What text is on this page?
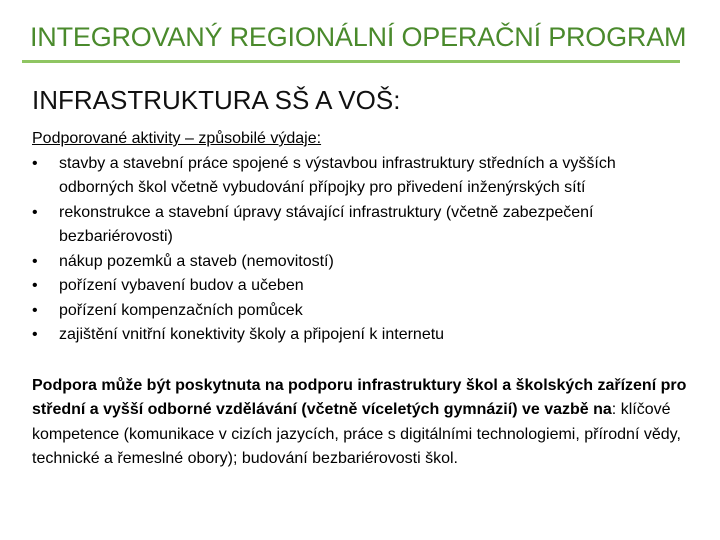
INTEGROVANÝ REGIONÁLNÍ OPERAČNÍ PROGRAM
INFRASTRUKTURA SŠ A VOŠ:
Podporované aktivity – způsobilé výdaje:
• stavby a stavební práce spojené s výstavbou infrastruktury středních a vyšších odborných škol včetně vybudování přípojky pro přivedení inženýrských sítí
• rekonstrukce a stavební úpravy stávající infrastruktury (včetně zabezpečení bezbariérovosti)
• nákup pozemků a staveb (nemovitostí)
• pořízení vybavení budov a učeben
• pořízení kompenzačních pomůcek
• zajištění vnitřní konektivity školy a připojení k internetu
Podpora může být poskytnuta na podporu infrastruktury škol a školských zařízení pro střední a vyšší odborné vzdělávání (včetně víceletých gymnázií) ve vazbě na: klíčové kompetence (komunikace v cizích jazycích, práce s digitálními technologiemi, přírodní vědy, technické a řemeslné obory); budování bezbariérovosti škol.
